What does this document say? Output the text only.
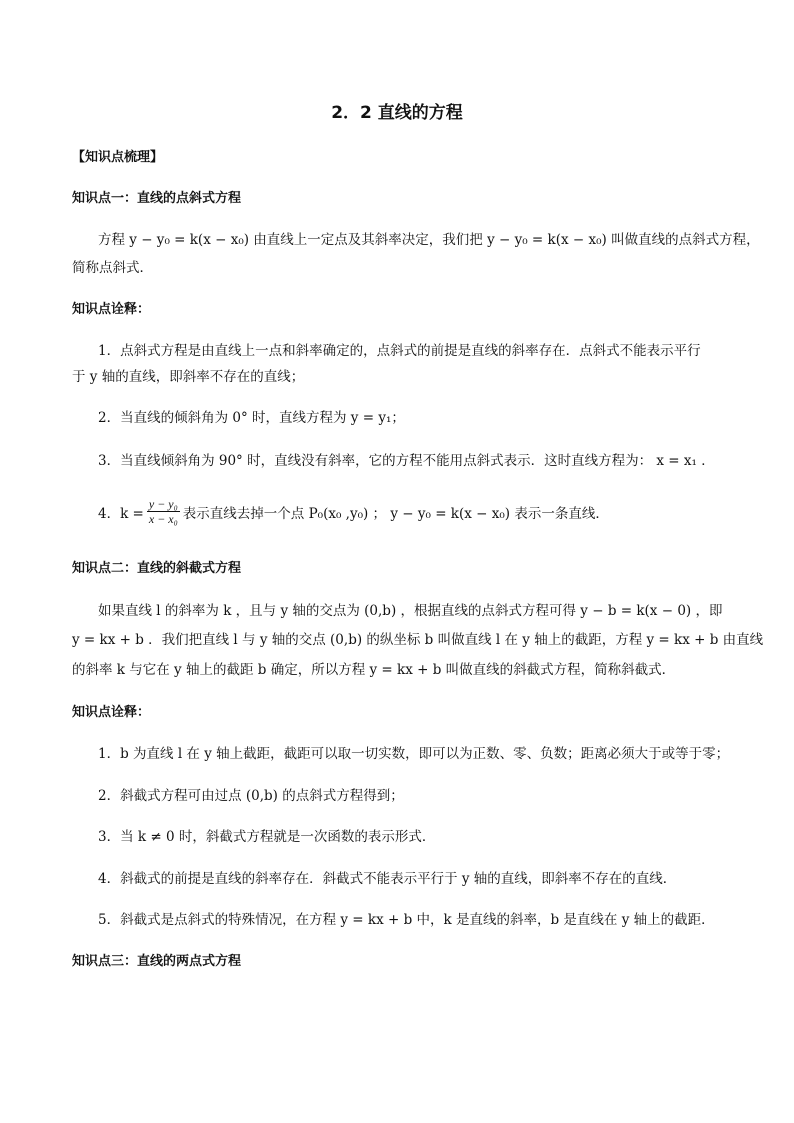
2．2 直线的方程
【知识点梳理】
知识点一：直线的点斜式方程
方程 y − y₀ = k(x − x₀) 由直线上一定点及其斜率决定，我们把 y − y₀ = k(x − x₀) 叫做直线的点斜式方程，
简称点斜式．
知识点诠释：
1．点斜式方程是由直线上一点和斜率确定的，点斜式的前提是直线的斜率存在．点斜式不能表示平行
于 y 轴的直线，即斜率不存在的直线；
2．当直线的倾斜角为 0° 时，直线方程为 y = y₁；
3．当直线倾斜角为 90° 时，直线没有斜率，它的方程不能用点斜式表示．这时直线方程为： x = x₁ ．
4．$k = \frac{\text{y − y₀}}{\text{x − x₀}}$ 表示直线去掉一个点 P₀(x₀ ,y₀) ； y − y₀ = k(x − x₀) 表示一条直线．
知识点二：直线的斜截式方程
如果直线 l 的斜率为 k ，且与 y 轴的交点为 (0,b) ，根据直线的点斜式方程可得 y − b = k(x − 0) ，即
y = kx + b ．我们把直线 l 与 y 轴的交点 (0,b) 的纵坐标 b 叫做直线 l 在 y 轴上的截距，方程 y = kx + b 由直线
的斜率 k 与它在 y 轴上的截距 b 确定，所以方程 y = kx + b 叫做直线的斜截式方程，简称斜截式．
知识点诠释：
1．b 为直线 l 在 y 轴上截距，截距可以取一切实数，即可以为正数、零、负数；距离必须大于或等于零；
2．斜截式方程可由过点 (0,b) 的点斜式方程得到；
3．当 k ≠ 0 时，斜截式方程就是一次函数的表示形式．
4．斜截式的前提是直线的斜率存在．斜截式不能表示平行于 y 轴的直线，即斜率不存在的直线．
5．斜截式是点斜式的特殊情况，在方程 y = kx + b 中，k 是直线的斜率，b 是直线在 y 轴上的截距．
知识点三：直线的两点式方程
